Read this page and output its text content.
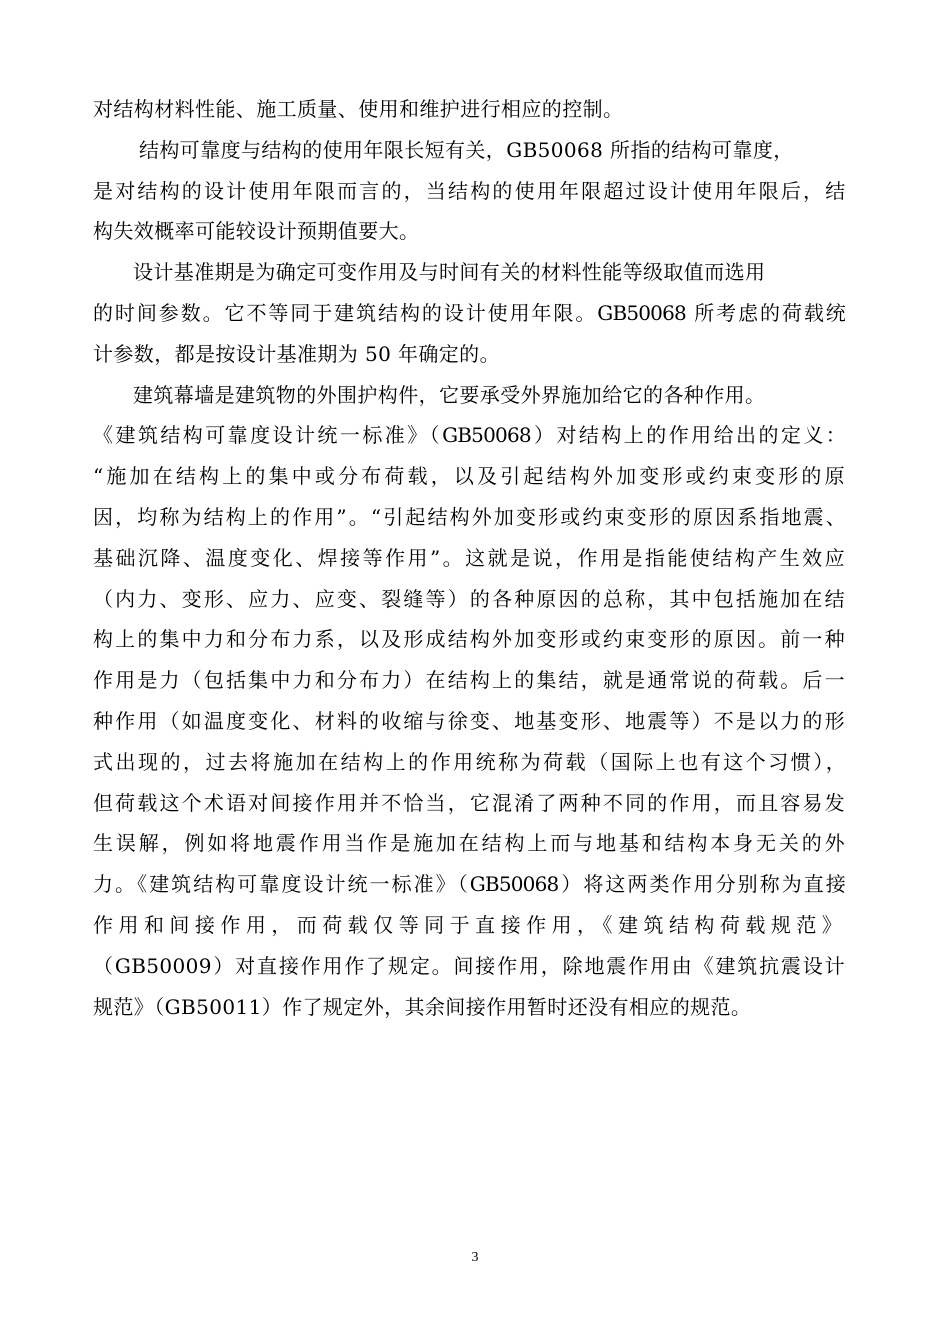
对结构材料性能、施工质量、使用和维护进行相应的控制。
结构可靠度与结构的使用年限长短有关，GB50068 所指的结构可靠度，
是对结构的设计使用年限而言的，当结构的使用年限超过设计使用年限后，结
构失效概率可能较设计预期值要大。
设计基准期是为确定可变作用及与时间有关的材料性能等级取值而选用
的时间参数。它不等同于建筑结构的设计使用年限。GB50068 所考虑的荷载统
计参数，都是按设计基准期为 50 年确定的。
建筑幕墙是建筑物的外围护构件，它要承受外界施加给它的各种作用。
《建筑结构可靠度设计统一标准》（GB50068）对结构上的作用给出的定义：
“施加在结构上的集中或分布荷载，以及引起结构外加变形或约束变形的原
因，均称为结构上的作用”。“引起结构外加变形或约束变形的原因系指地震、
基础沉降、温度变化、焊接等作用”。这就是说，作用是指能使结构产生效应
（内力、变形、应力、应变、裂缝等）的各种原因的总称，其中包括施加在结
构上的集中力和分布力系，以及形成结构外加变形或约束变形的原因。前一种
作用是力（包括集中力和分布力）在结构上的集结，就是通常说的荷载。后一
种作用（如温度变化、材料的收缩与徐变、地基变形、地震等）不是以力的形
式出现的，过去将施加在结构上的作用统称为荷载（国际上也有这个习惯），
但荷载这个术语对间接作用并不恰当，它混淆了两种不同的作用，而且容易发
生误解，例如将地震作用当作是施加在结构上而与地基和结构本身无关的外
力。《建筑结构可靠度设计统一标准》（GB50068）将这两类作用分别称为直接
作用和间接作用，而荷载仅等同于直接作用，《建筑结构荷载规范》
（GB50009）对直接作用作了规定。间接作用，除地震作用由《建筑抗震设计
规范》（GB50011）作了规定外，其余间接作用暂时还没有相应的规范。
3
